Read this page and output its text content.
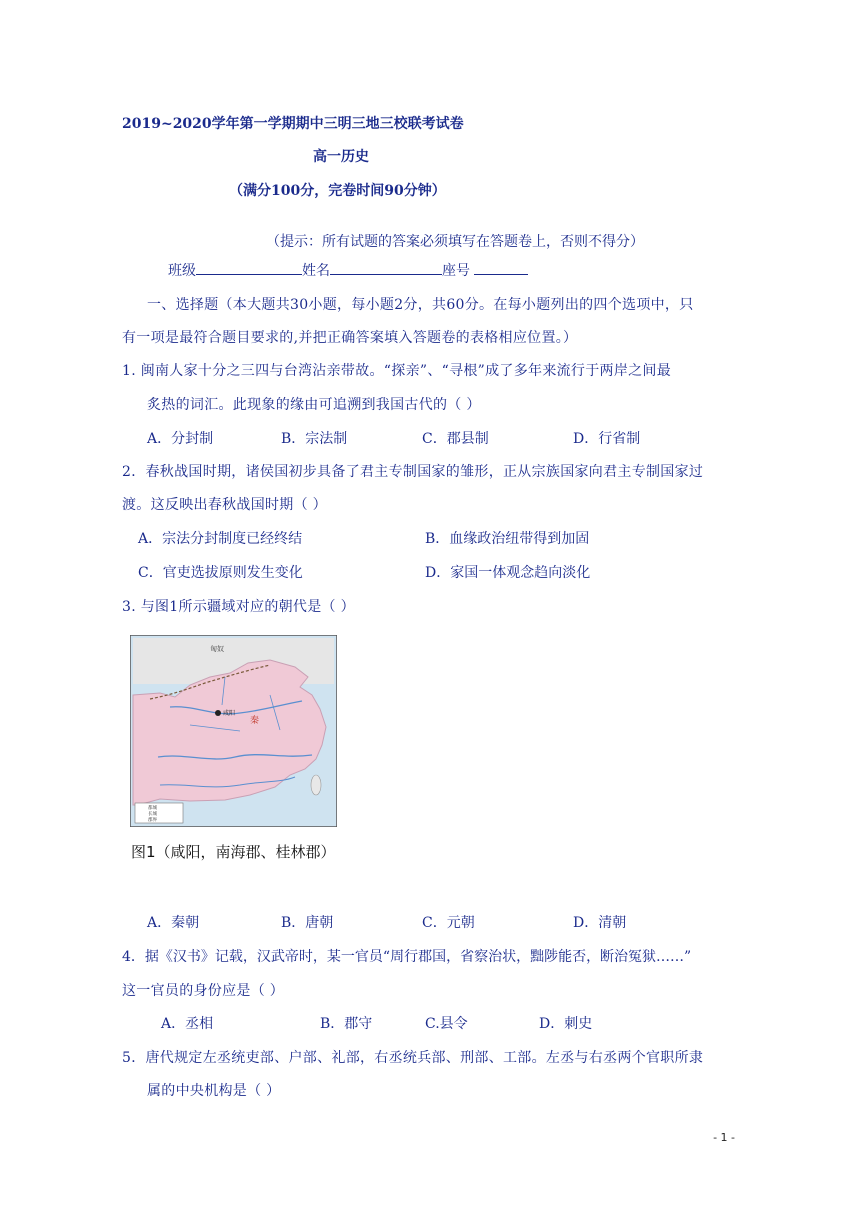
2019~2020学年第一学期期中三明三地三校联考试卷
高一历史
（满分100分，完卷时间90分钟）
（提示：所有试题的答案必须填写在答题卷上，否则不得分）
班级	姓名	座号
一、选择题（本大题共30小题，每小题2分，共60分。在每小题列出的四个选项中，只
有一项是最符合题目要求的,并把正确答案填入答题卷的表格相应位置。）
1. 闽南人家十分之三四与台湾沾亲带故。“探亲”、“寻根”成了多年来流行于两岸之间最
炙热的词汇。此现象的缘由可追溯到我国古代的（ ）
A．分封制	B．宗法制	C．郡县制	D．行省制
2．春秋战国时期，诸侯国初步具备了君主专制国家的雏形，正从宗族国家向君主专制国家过
渡。这反映出春秋战国时期（ ）
A．宗法分封制度已经终结	B．血缘政治纽带得到加固
C．官吏选拔原则发生变化	D．家国一体观念趋向淡化
3. 与图1所示疆域对应的朝代是（ ）
匈奴
咸阳
秦
都城
长城
郡界
图1（咸阳，南海郡、桂林郡）
A．秦朝	B．唐朝	C．元朝	D．清朝
4．据《汉书》记载，汉武帝时，某一官员“周行郡国，省察治状，黜陟能否，断治冤狱……”
这一官员的身份应是（ ）
A．丞相	B．郡守	C.县令	D．刺史
5．唐代规定左丞统吏部、户部、礼部，右丞统兵部、刑部、工部。左丞与右丞两个官职所隶
属的中央机构是（ ）
- 1 -
